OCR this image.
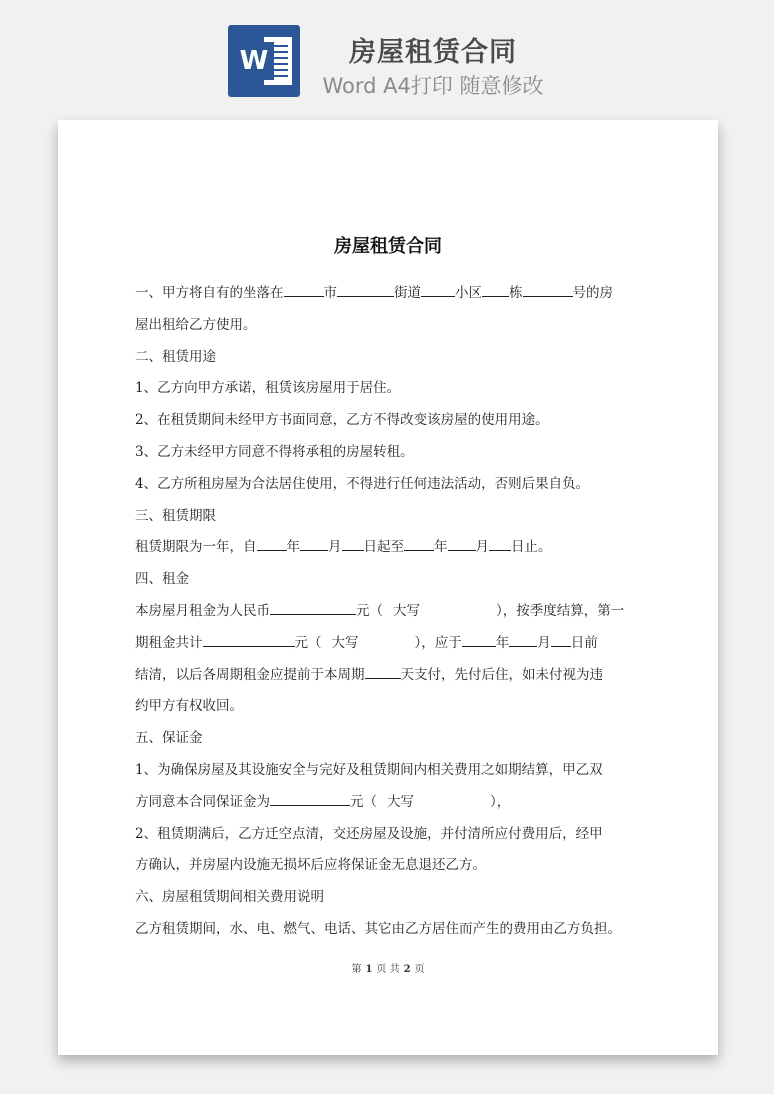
W	房屋租赁合同
Word A4打印 随意修改
房屋租赁合同
一、甲方将自有的坐落在	市	街道	小区 栋	号的房
屋出租给乙方使用。
二、租赁用途
1、乙方向甲方承诺，租赁该房屋用于居住。
2、在租赁期间未经甲方书面同意，乙方不得改变该房屋的使用用途。
3、乙方未经甲方同意不得将承租的房屋转租。
4、乙方所租房屋为合法居住使用，不得进行任何违法活动，否则后果自负。
三、租赁期限
租赁期限为一年，自 年 月 日起至 年 月 日止。
四、租金
本房屋月租金为人民币	元（ 大写	），按季度结算，第一
期租金共计	元（ 大写	），应于	年 月 日前
结清，以后各周期租金应提前于本周期	天支付，先付后住，如未付视为违
约甲方有权收回。
五、保证金
1、为确保房屋及其设施安全与完好及租赁期间内相关费用之如期结算，甲乙双
方同意本合同保证金为	元（ 大写	），
2、租赁期满后，乙方迁空点清，交还房屋及设施，并付清所应付费用后，经甲
方确认，并房屋内设施无损坏后应将保证金无息退还乙方。
六、房屋租赁期间相关费用说明
乙方租赁期间，水、电、燃气、电话、其它由乙方居住而产生的费用由乙方负担。
第 1 页 共 2 页
